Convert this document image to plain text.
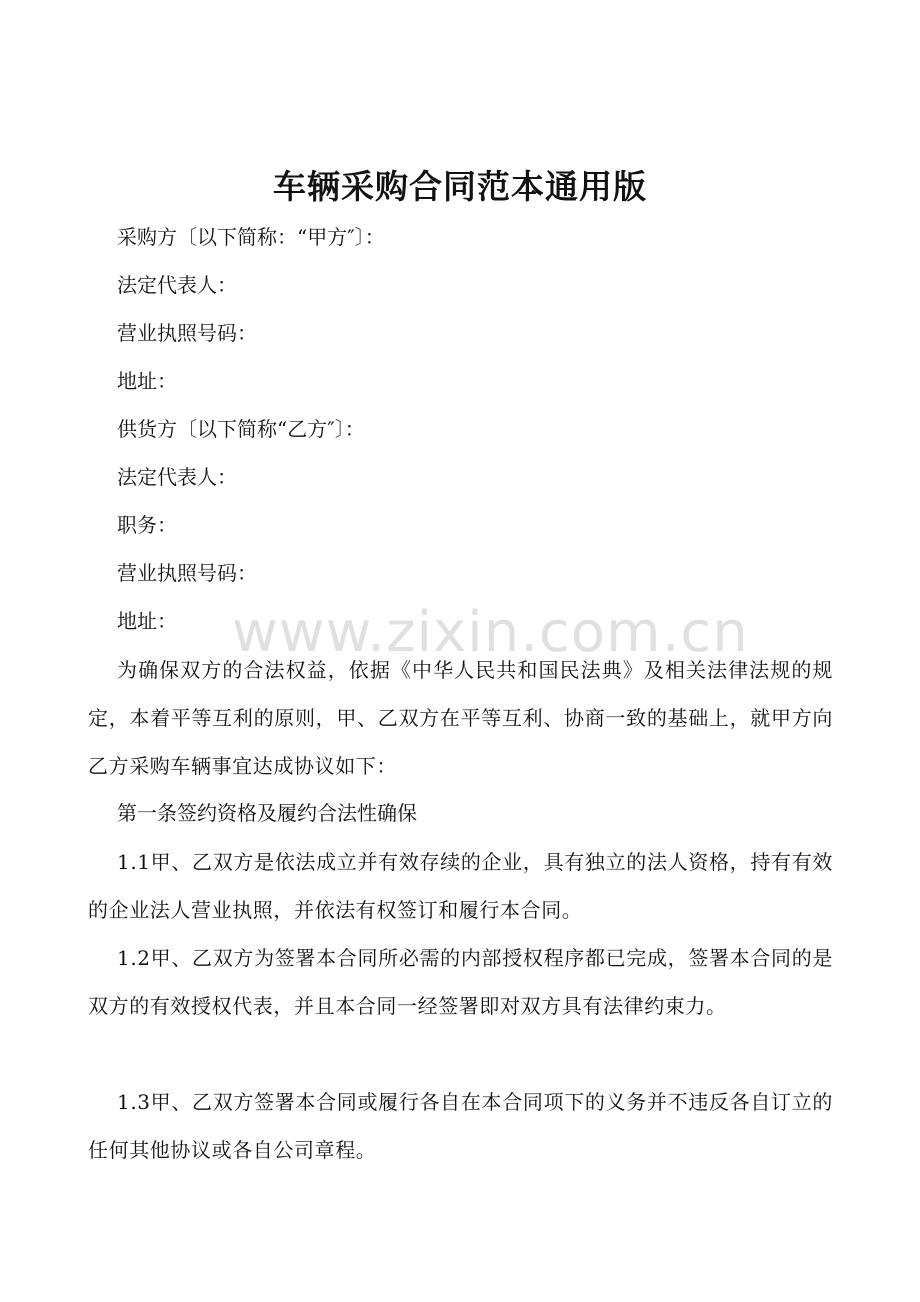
车辆采购合同范本通用版

采购方〔以下简称：“甲方″〕：

法定代表人：

营业执照号码：

地址：

供货方〔以下简称“乙方″〕：

法定代表人：

职务：

营业执照号码：

地址：

为确保双方的合法权益，依据《中华人民共和国民法典》及相关法律法规的规定，本着平等互利的原则，甲、乙双方在平等互利、协商一致的基础上，就甲方向乙方采购车辆事宜达成协议如下：

第一条签约资格及履约合法性确保

1.1甲、乙双方是依法成立并有效存续的企业，具有独立的法人资格，持有有效的企业法人营业执照，并依法有权签订和履行本合同。

1.2甲、乙双方为签署本合同所必需的内部授权程序都已完成，签署本合同的是双方的有效授权代表，并且本合同一经签署即对双方具有法律约束力。

1.3甲、乙双方签署本合同或履行各自在本合同项下的义务并不违反各自订立的任何其他协议或各自公司章程。

www.zixin.com.cn
